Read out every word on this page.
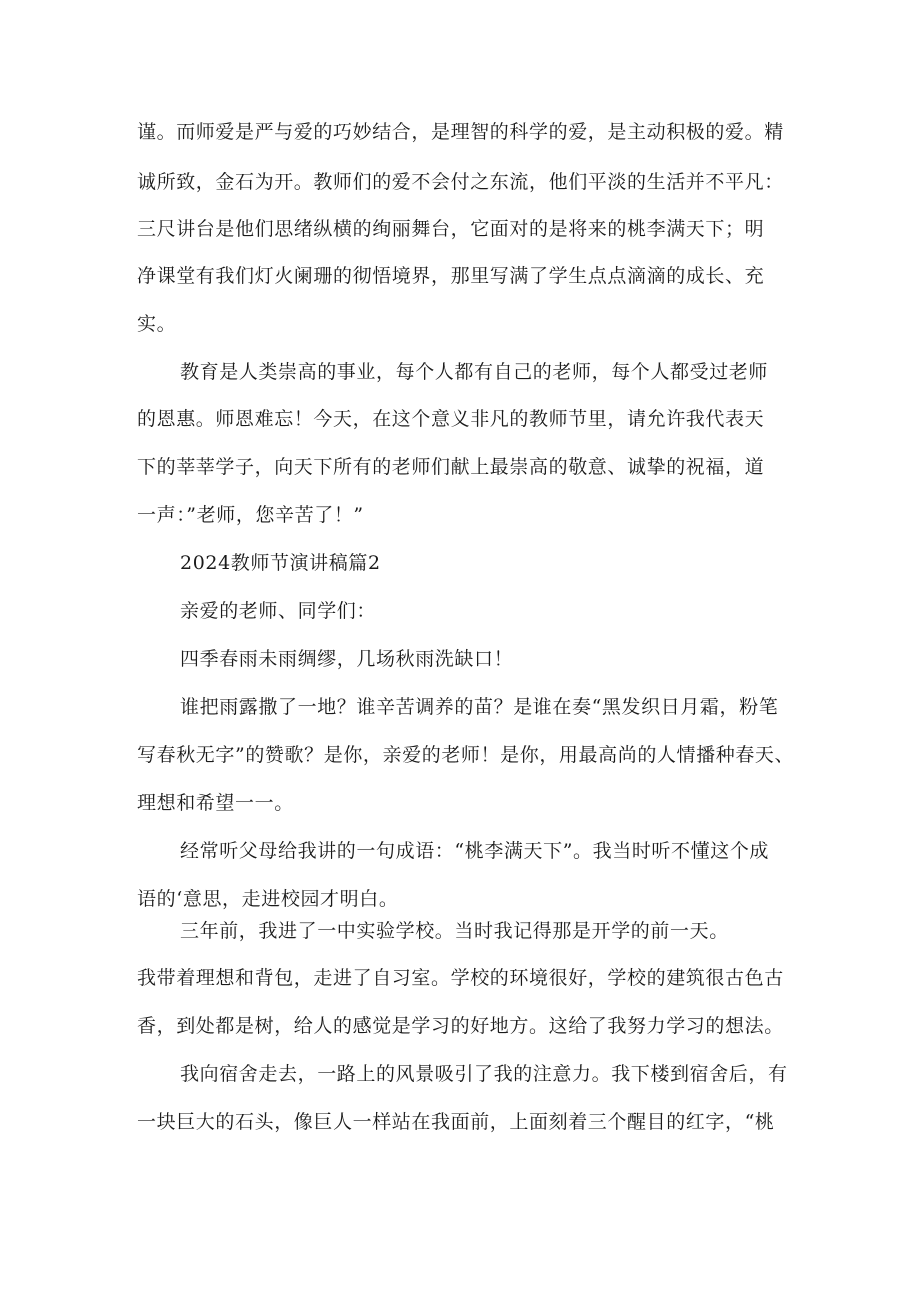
谨。而师爱是严与爱的巧妙结合，是理智的科学的爱，是主动积极的爱。精
诚所致，金石为开。教师们的爱不会付之东流，他们平淡的生活并不平凡：
三尺讲台是他们思绪纵横的绚丽舞台，它面对的是将来的桃李满天下；明
净课堂有我们灯火阑珊的彻悟境界，那里写满了学生点点滴滴的成长、充
实。
教育是人类崇高的事业，每个人都有自己的老师，每个人都受过老师
的恩惠。师恩难忘！今天，在这个意义非凡的教师节里，请允许我代表天
下的莘莘学子，向天下所有的老师们献上最崇高的敬意、诚挚的祝福，道
一声：”老师，您辛苦了！”
2024教师节演讲稿篇2
亲爱的老师、同学们：
四季春雨未雨绸缪，几场秋雨洗缺口！
谁把雨露撒了一地？谁辛苦调养的苗？是谁在奏“黑发织日月霜，粉笔
写春秋无字”的赞歌？是你，亲爱的老师！是你，用最高尚的人情播种春天、
理想和希望一一。
经常听父母给我讲的一句成语：“桃李满天下”。我当时听不懂这个成
语的‘意思，走进校园才明白。
三年前，我进了一中实验学校。当时我记得那是开学的前一天。
我带着理想和背包，走进了自习室。学校的环境很好，学校的建筑很古色古
香，到处都是树，给人的感觉是学习的好地方。这给了我努力学习的想法。
我向宿舍走去，一路上的风景吸引了我的注意力。我下楼到宿舍后，有
一块巨大的石头，像巨人一样站在我面前，上面刻着三个醒目的红字，“桃
